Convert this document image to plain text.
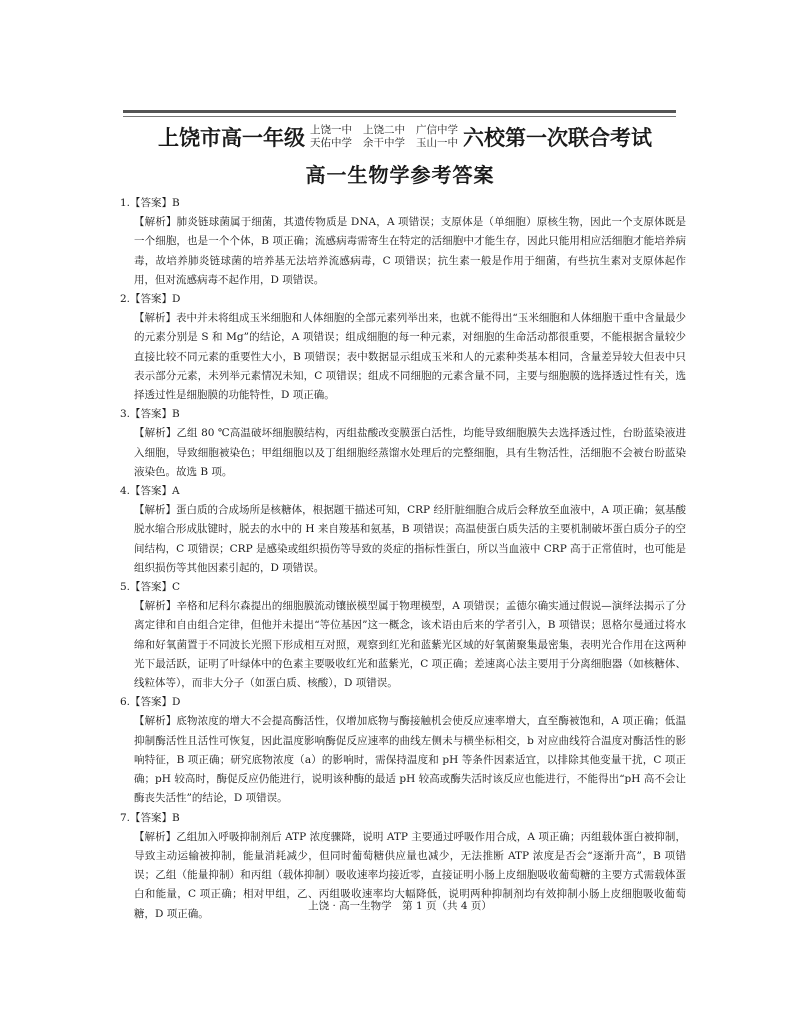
上饶市高一年级 上饶一中 上饶二中 广信中学
天佑中学 余干中学 玉山一中 六校第一次联合考试
高一生物学参考答案
1.【答案】B
【解析】肺炎链球菌属于细菌，其遗传物质是 DNA，A 项错误；支原体是（单细胞）原核生物，因此一个支原体既是一个细胞，也是一个个体，B 项正确；流感病毒需寄生在特定的活细胞中才能生存，因此只能用相应活细胞才能培养病毒，故培养肺炎链球菌的培养基无法培养流感病毒，C 项错误；抗生素一般是作用于细菌，有些抗生素对支原体起作用，但对流感病毒不起作用，D 项错误。
2.【答案】D
【解析】表中并未将组成玉米细胞和人体细胞的全部元素列举出来，也就不能得出“玉米细胞和人体细胞干重中含量最少的元素分别是 S 和 Mg”的结论，A 项错误；组成细胞的每一种元素，对细胞的生命活动都很重要，不能根据含量较少直接比较不同元素的重要性大小，B 项错误；表中数据显示组成玉米和人的元素种类基本相同，含量差异较大但表中只表示部分元素，未列举元素情况未知，C 项错误；组成不同细胞的元素含量不同，主要与细胞膜的选择透过性有关，选择透过性是细胞膜的功能特性，D 项正确。
3.【答案】B
【解析】乙组 80 ℃高温破坏细胞膜结构，丙组盐酸改变膜蛋白活性，均能导致细胞膜失去选择透过性，台盼蓝染液进入细胞，导致细胞被染色；甲组细胞以及丁组细胞经蒸馏水处理后的完整细胞，具有生物活性，活细胞不会被台盼蓝染液染色。故选 B 项。
4.【答案】A
【解析】蛋白质的合成场所是核糖体，根据题干描述可知，CRP 经肝脏细胞合成后会释放至血液中，A 项正确；氨基酸脱水缩合形成肽键时，脱去的水中的 H 来自羧基和氨基，B 项错误；高温使蛋白质失活的主要机制破坏蛋白质分子的空间结构，C 项错误；CRP 是感染或组织损伤等导致的炎症的指标性蛋白，所以当血液中 CRP 高于正常值时，也可能是组织损伤等其他因素引起的，D 项错误。
5.【答案】C
【解析】辛格和尼科尔森提出的细胞膜流动镶嵌模型属于物理模型，A 项错误；孟德尔确实通过假说—演绎法揭示了分离定律和自由组合定律，但他并未提出“等位基因”这一概念，该术语由后来的学者引入，B 项错误；恩格尔曼通过将水绵和好氧菌置于不同波长光照下形成相互对照，观察到红光和蓝紫光区域的好氧菌聚集最密集，表明光合作用在这两种光下最活跃，证明了叶绿体中的色素主要吸收红光和蓝紫光，C 项正确；差速离心法主要用于分离细胞器（如核糖体、线粒体等），而非大分子（如蛋白质、核酸），D 项错误。
6.【答案】D
【解析】底物浓度的增大不会提高酶活性，仅增加底物与酶接触机会使反应速率增大，直至酶被饱和，A 项正确；低温抑制酶活性且活性可恢复，因此温度影响酶促反应速率的曲线左侧未与横坐标相交，b 对应曲线符合温度对酶活性的影响特征，B 项正确；研究底物浓度（a）的影响时，需保持温度和 pH 等条件因素适宜，以排除其他变量干扰，C 项正确；pH 较高时，酶促反应仍能进行，说明该种酶的最适 pH 较高或酶失活时该反应也能进行，不能得出“pH 高不会让酶丧失活性”的结论，D 项错误。
7.【答案】B
【解析】乙组加入呼吸抑制剂后 ATP 浓度骤降，说明 ATP 主要通过呼吸作用合成，A 项正确；丙组载体蛋白被抑制，导致主动运输被抑制，能量消耗减少，但同时葡萄糖供应量也减少，无法推断 ATP 浓度是否会“逐渐升高”，B 项错误；乙组（能量抑制）和丙组（载体抑制）吸收速率均接近零，直接证明小肠上皮细胞吸收葡萄糖的主要方式需载体蛋白和能量，C 项正确；相对甲组，乙、丙组吸收速率均大幅降低，说明两种抑制剂均有效抑制小肠上皮细胞吸收葡萄糖，D 项正确。
上饶 · 高一生物学　第 1 页（共 4 页）
